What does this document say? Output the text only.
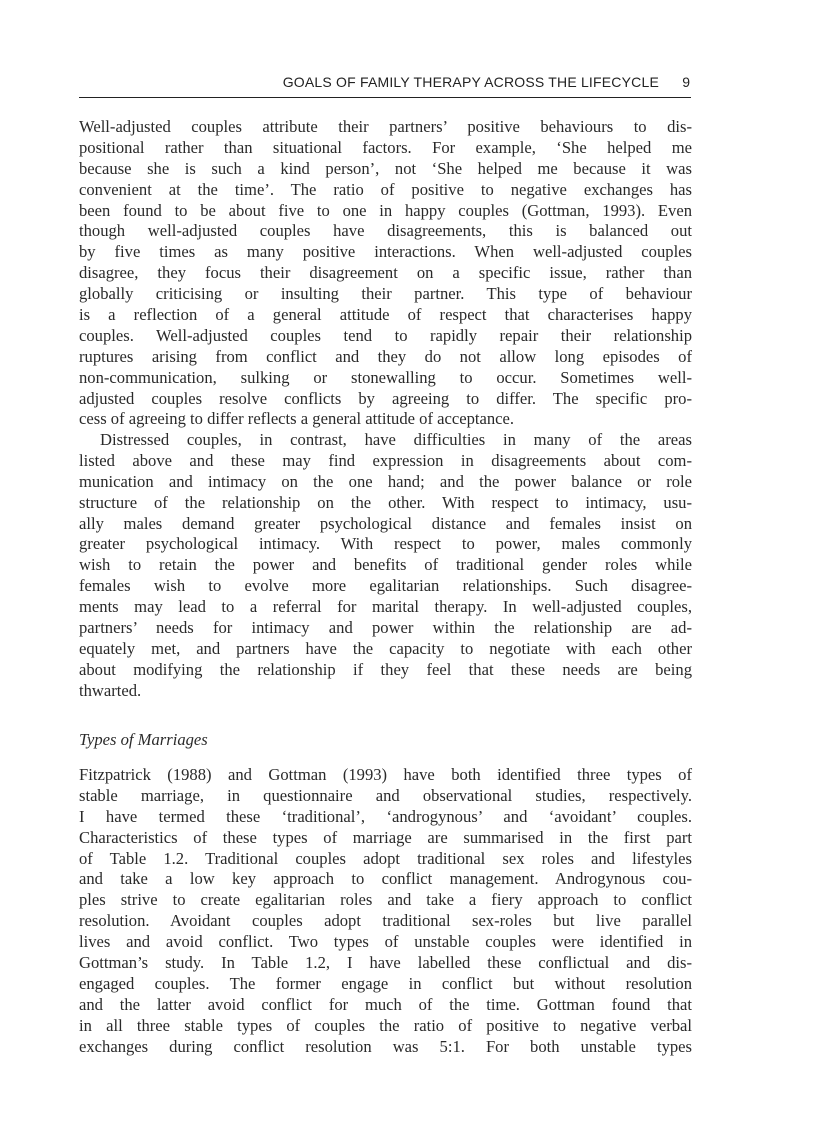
GOALS OF FAMILY THERAPY ACROSS THE LIFECYCLE 9
Well-adjusted couples attribute their partners’ positive behaviours to dis-
positional rather than situational factors. For example, ‘She helped me
because she is such a kind person’, not ‘She helped me because it was
convenient at the time’. The ratio of positive to negative exchanges has
been found to be about five to one in happy couples (Gottman, 1993). Even
though well-adjusted couples have disagreements, this is balanced out
by five times as many positive interactions. When well-adjusted couples
disagree, they focus their disagreement on a specific issue, rather than
globally criticising or insulting their partner. This type of behaviour
is a reflection of a general attitude of respect that characterises happy
couples. Well-adjusted couples tend to rapidly repair their relationship
ruptures arising from conflict and they do not allow long episodes of
non-communication, sulking or stonewalling to occur. Sometimes well-
adjusted couples resolve conflicts by agreeing to differ. The specific pro-
cess of agreeing to differ reflects a general attitude of acceptance.
Distressed couples, in contrast, have difficulties in many of the areas
listed above and these may find expression in disagreements about com-
munication and intimacy on the one hand; and the power balance or role
structure of the relationship on the other. With respect to intimacy, usu-
ally males demand greater psychological distance and females insist on
greater psychological intimacy. With respect to power, males commonly
wish to retain the power and benefits of traditional gender roles while
females wish to evolve more egalitarian relationships. Such disagree-
ments may lead to a referral for marital therapy. In well-adjusted couples,
partners’ needs for intimacy and power within the relationship are ad-
equately met, and partners have the capacity to negotiate with each other
about modifying the relationship if they feel that these needs are being
thwarted.
Types of Marriages
Fitzpatrick (1988) and Gottman (1993) have both identified three types of
stable marriage, in questionnaire and observational studies, respectively.
I have termed these ‘traditional’, ‘androgynous’ and ‘avoidant’ couples.
Characteristics of these types of marriage are summarised in the first part
of Table 1.2. Traditional couples adopt traditional sex roles and lifestyles
and take a low key approach to conflict management. Androgynous cou-
ples strive to create egalitarian roles and take a fiery approach to conflict
resolution. Avoidant couples adopt traditional sex-roles but live parallel
lives and avoid conflict. Two types of unstable couples were identified in
Gottman’s study. In Table 1.2, I have labelled these conflictual and dis-
engaged couples. The former engage in conflict but without resolution
and the latter avoid conflict for much of the time. Gottman found that
in all three stable types of couples the ratio of positive to negative verbal
exchanges during conflict resolution was 5:1. For both unstable types
